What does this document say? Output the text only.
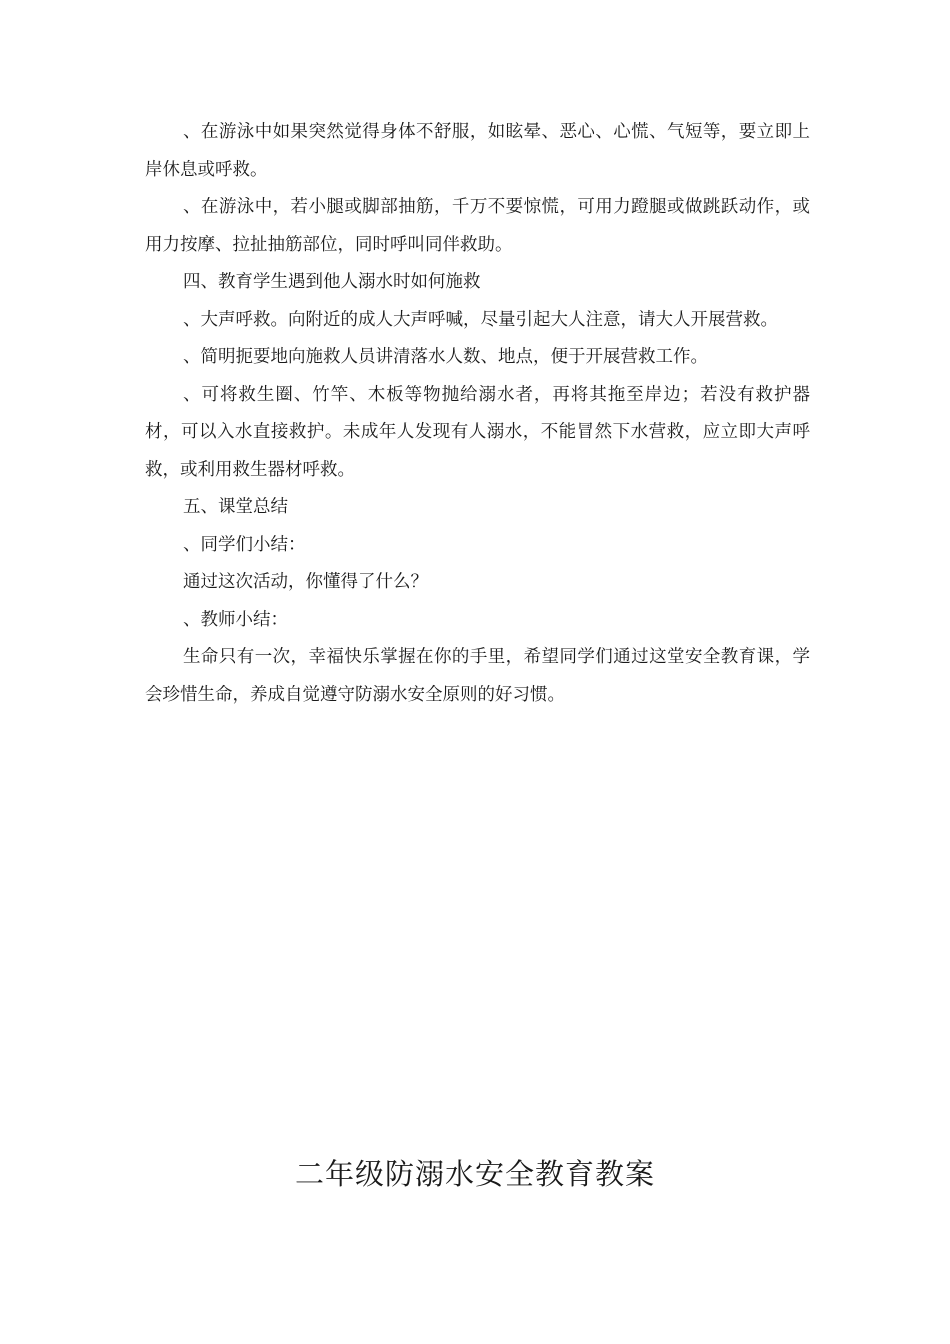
、在游泳中如果突然觉得身体不舒服，如眩晕、恶心、心慌、气短等，要立即上岸休息或呼救。

、在游泳中，若小腿或脚部抽筋，千万不要惊慌，可用力蹬腿或做跳跃动作，或用力按摩、拉扯抽筋部位，同时呼叫同伴救助。

四、教育学生遇到他人溺水时如何施救

、大声呼救。向附近的成人大声呼喊，尽量引起大人注意，请大人开展营救。

、简明扼要地向施救人员讲清落水人数、地点，便于开展营救工作。

、可将救生圈、竹竿、木板等物抛给溺水者，再将其拖至岸边；若没有救护器材，可以入水直接救护。未成年人发现有人溺水，不能冒然下水营救，应立即大声呼救，或利用救生器材呼救。

五、课堂总结

、同学们小结：

通过这次活动，你懂得了什么？

、教师小结：

生命只有一次，幸福快乐掌握在你的手里，希望同学们通过这堂安全教育课，学会珍惜生命，养成自觉遵守防溺水安全原则的好习惯。

二年级防溺水安全教育教案
